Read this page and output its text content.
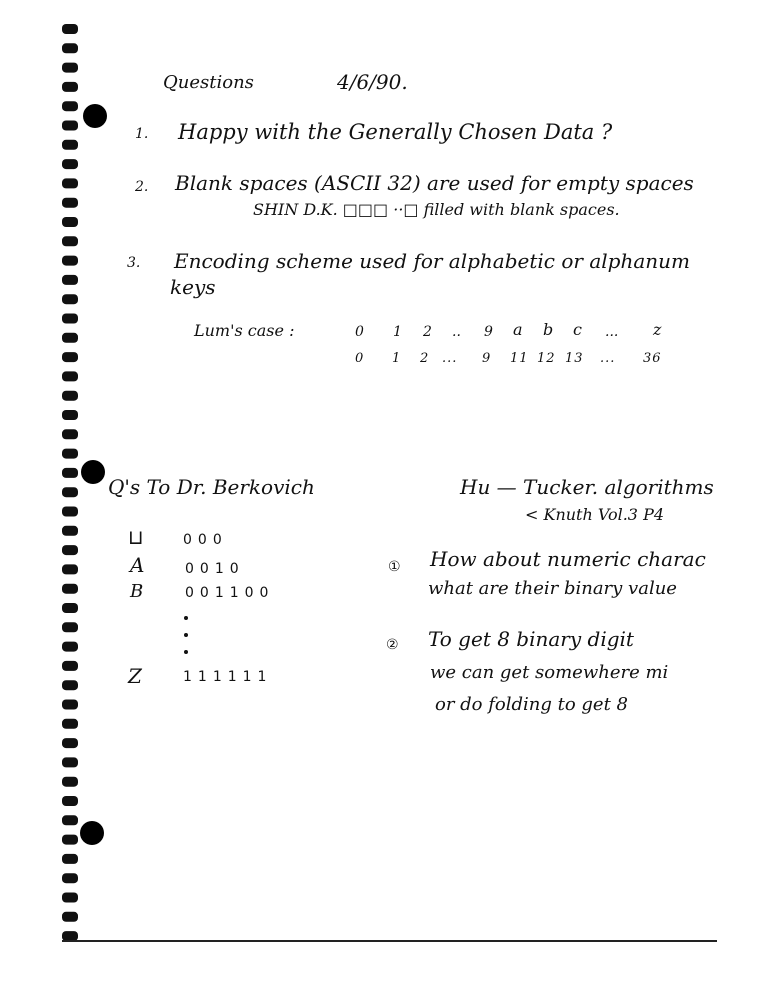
Questions	4/6/90.
1. Happy with the Generally Chosen Data ?
2. Blank spaces (ASCII 32) are used for empty spaces
SHIN D.K. □□□ ··□ filled with blank spaces.
3. Encoding scheme used for alphabetic or alphanum
keys
Lum's case :	0 1 2 .. 9 a b c ... z
0 1 2 ... 9 11 12 13 ... 36
Q's To Dr. Berkovich	Hu — Tucker. algorithms
< Knuth Vol.3 P4
⊔	000
A	0010
B	001100
Z	111111
① How about numeric charac
what are their binary value
② To get 8 binary digit
we can get somewhere mi
or do folding to get 8
